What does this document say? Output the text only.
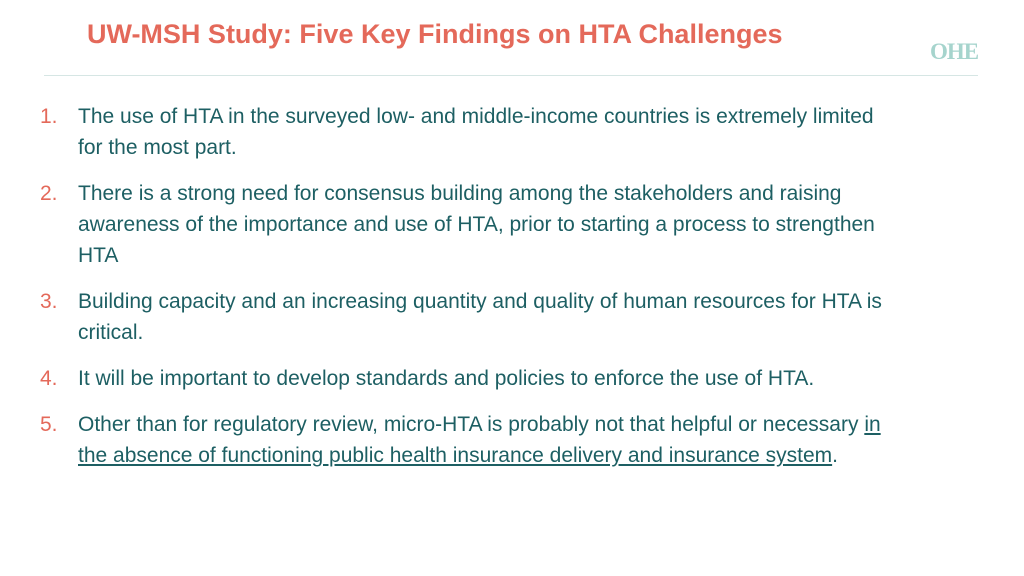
UW-MSH Study: Five Key Findings on HTA Challenges
OHE
1. The use of HTA in the surveyed low- and middle-income countries is extremely limited for the most part.
2. There is a strong need for consensus building among the stakeholders and raising awareness of the importance and use of HTA, prior to starting a process to strengthen HTA
3. Building capacity and an increasing quantity and quality of human resources for HTA is critical.
4. It will be important to develop standards and policies to enforce the use of HTA.
5. Other than for regulatory review, micro-HTA is probably not that helpful or necessary in the absence of functioning public health insurance delivery and insurance system.
